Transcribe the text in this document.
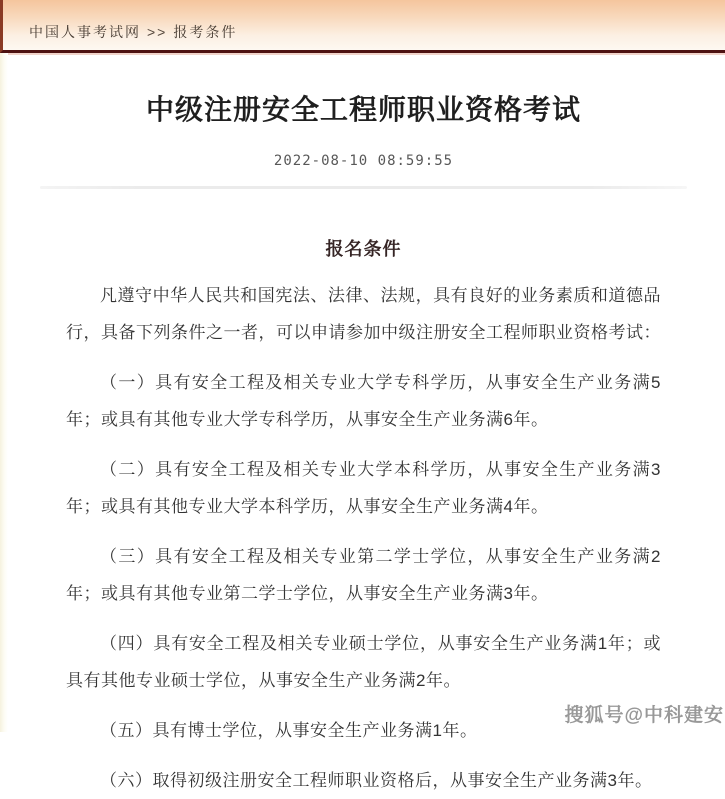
中国人事考试网 >> 报考条件
中级注册安全工程师职业资格考试
2022-08-10 08:59:55
报名条件

凡遵守中华人民共和国宪法、法律、法规，具有良好的业务素质和道德品行，具备下列条件之一者，可以申请参加中级注册安全工程师职业资格考试：

（一）具有安全工程及相关专业大学专科学历，从事安全生产业务满5年；或具有其他专业大学专科学历，从事安全生产业务满6年。

（二）具有安全工程及相关专业大学本科学历，从事安全生产业务满3年；或具有其他专业大学本科学历，从事安全生产业务满4年。

（三）具有安全工程及相关专业第二学士学位，从事安全生产业务满2年；或具有其他专业第二学士学位，从事安全生产业务满3年。

（四）具有安全工程及相关专业硕士学位，从事安全生产业务满1年；或具有其他专业硕士学位，从事安全生产业务满2年。

（五）具有博士学位，从事安全生产业务满1年。

（六）取得初级注册安全工程师职业资格后，从事安全生产业务满3年。

搜狐号@中科建安
